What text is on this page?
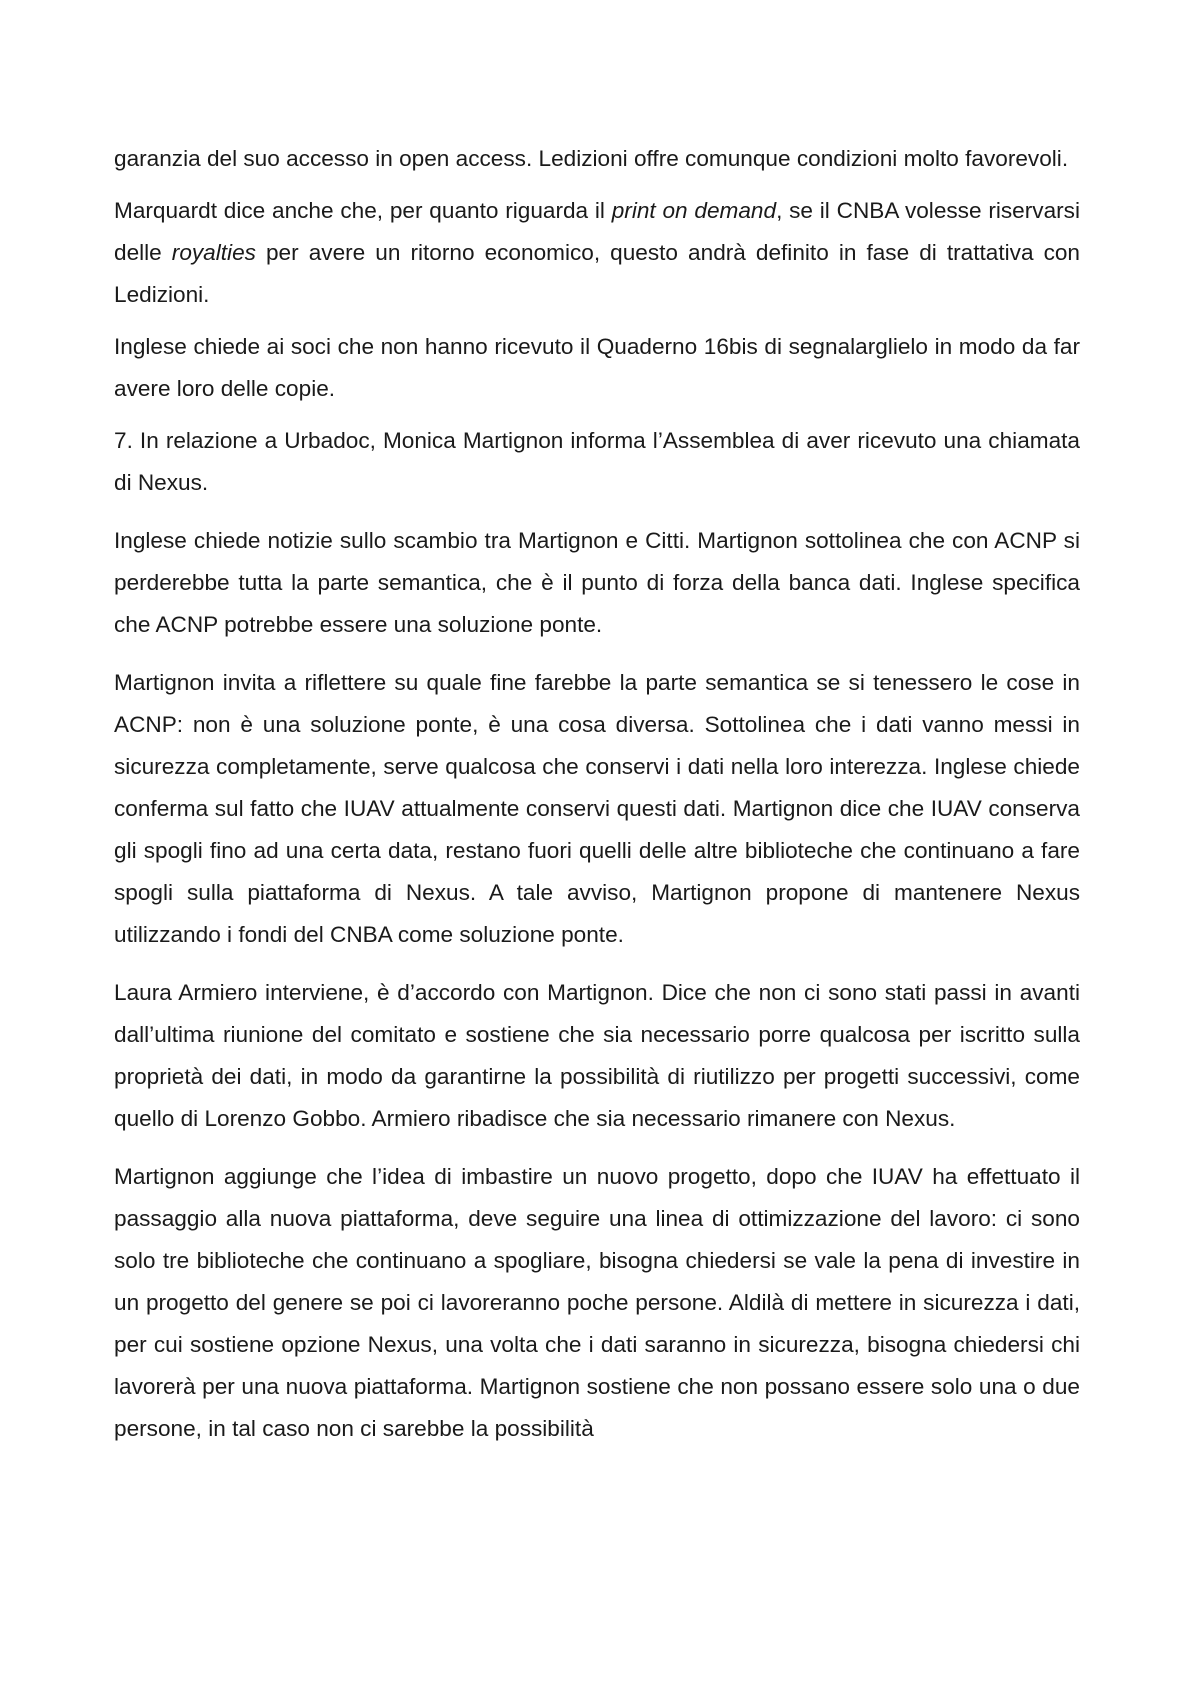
garanzia del suo accesso in open access. Ledizioni offre comunque condizioni molto favorevoli.

Marquardt dice anche che, per quanto riguarda il print on demand, se il CNBA volesse riservarsi delle royalties per avere un ritorno economico, questo andrà definito in fase di trattativa con Ledizioni.

Inglese chiede ai soci che non hanno ricevuto il Quaderno 16bis di segnalarglielo in modo da far avere loro delle copie.

7. In relazione a Urbadoc, Monica Martignon informa l’Assemblea di aver ricevuto una chiamata di Nexus.

Inglese chiede notizie sullo scambio tra Martignon e Citti. Martignon sottolinea che con ACNP si perderebbe tutta la parte semantica, che è il punto di forza della banca dati. Inglese specifica che ACNP potrebbe essere una soluzione ponte.

Martignon invita a riflettere su quale fine farebbe la parte semantica se si tenessero le cose in ACNP: non è una soluzione ponte, è una cosa diversa. Sottolinea che i dati vanno messi in sicurezza completamente, serve qualcosa che conservi i dati nella loro interezza. Inglese chiede conferma sul fatto che IUAV attualmente conservi questi dati. Martignon dice che IUAV conserva gli spogli fino ad una certa data, restano fuori quelli delle altre biblioteche che continuano a fare spogli sulla piattaforma di Nexus. A tale avviso, Martignon propone di mantenere Nexus utilizzando i fondi del CNBA come soluzione ponte.

Laura Armiero interviene, è d’accordo con Martignon. Dice che non ci sono stati passi in avanti dall’ultima riunione del comitato e sostiene che sia necessario porre qualcosa per iscritto sulla proprietà dei dati, in modo da garantirne la possibilità di riutilizzo per progetti successivi, come quello di Lorenzo Gobbo. Armiero ribadisce che sia necessario rimanere con Nexus.

Martignon aggiunge che l’idea di imbastire un nuovo progetto, dopo che IUAV ha effettuato il passaggio alla nuova piattaforma, deve seguire una linea di ottimizzazione del lavoro: ci sono solo tre biblioteche che continuano a spogliare, bisogna chiedersi se vale la pena di investire in un progetto del genere se poi ci lavoreranno poche persone. Aldilà di mettere in sicurezza i dati, per cui sostiene opzione Nexus, una volta che i dati saranno in sicurezza, bisogna chiedersi chi lavorerà per una nuova piattaforma. Martignon sostiene che non possano essere solo una o due persone, in tal caso non ci sarebbe la possibilità
